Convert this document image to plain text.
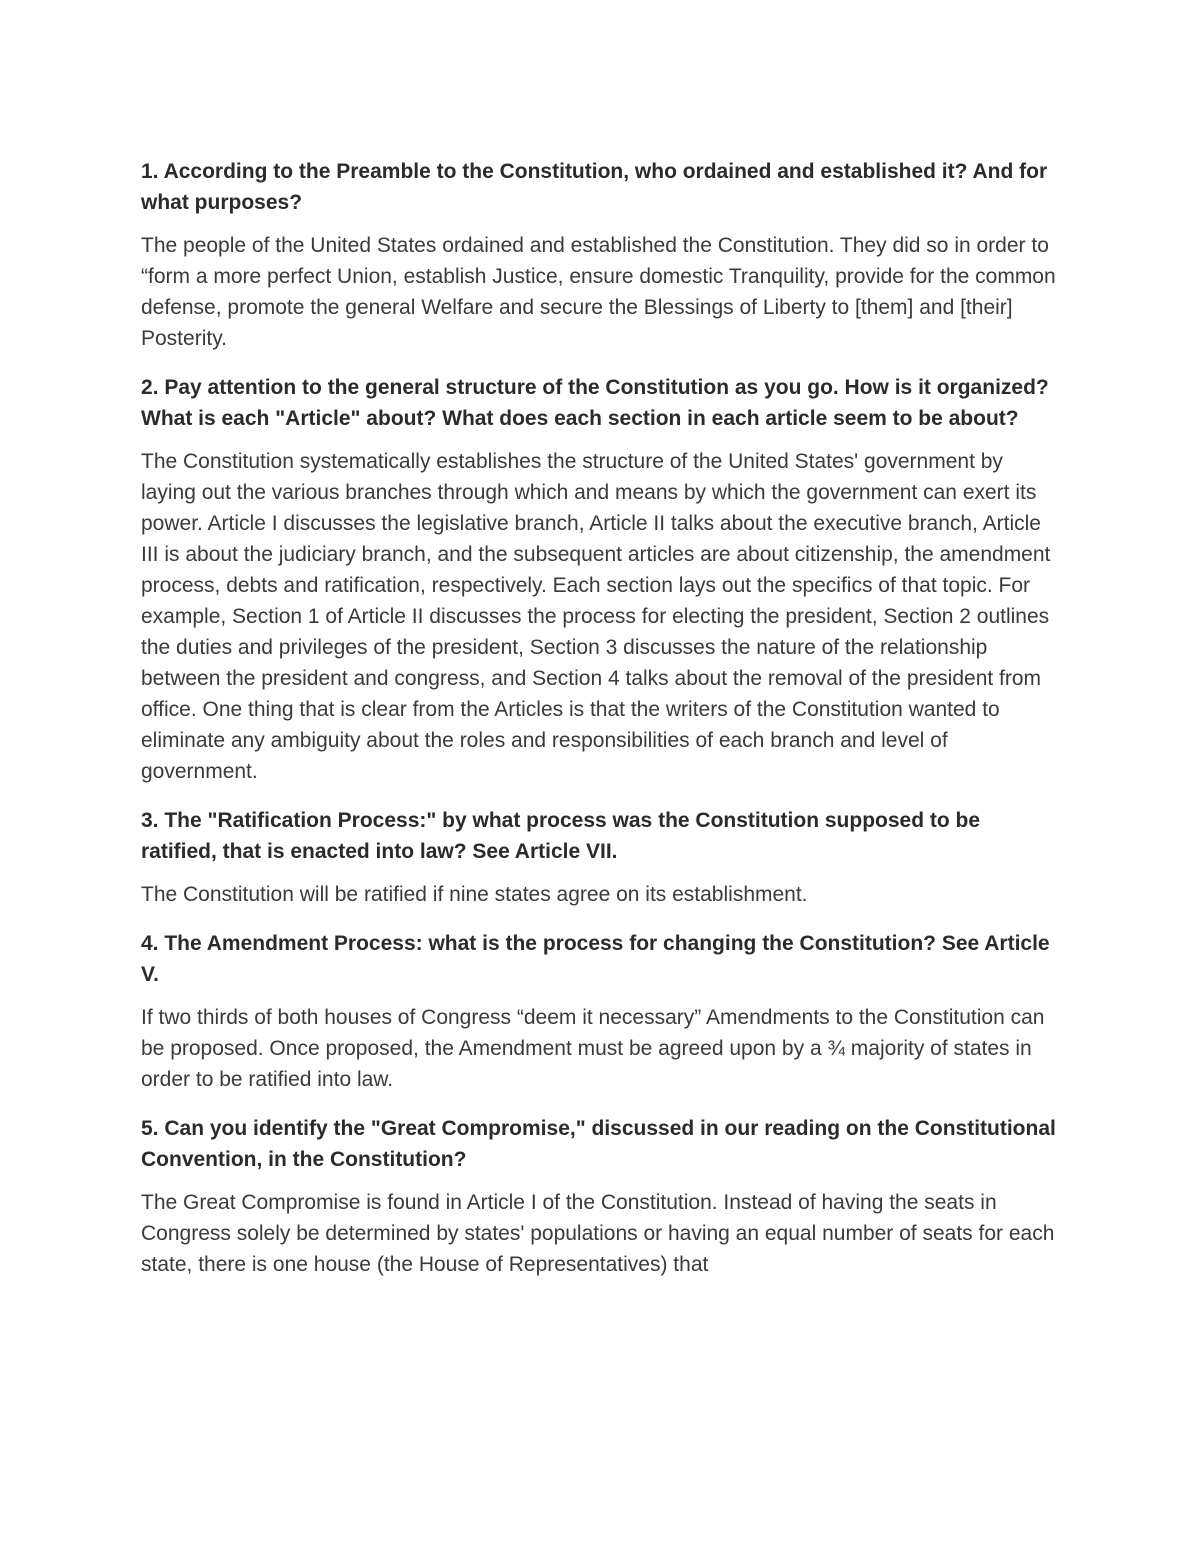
1. According to the Preamble to the Constitution, who ordained and established it? And for what purposes?

The people of the United States ordained and established the Constitution. They did so in order to “form a more perfect Union, establish Justice, ensure domestic Tranquility, provide for the common defense, promote the general Welfare and secure the Blessings of Liberty to [them] and [their] Posterity.

2. Pay attention to the general structure of the Constitution as you go. How is it organized? What is each "Article" about? What does each section in each article seem to be about?

The Constitution systematically establishes the structure of the United States' government by laying out the various branches through which and means by which the government can exert its power. Article I discusses the legislative branch, Article II talks about the executive branch, Article III is about the judiciary branch, and the subsequent articles are about citizenship, the amendment process, debts and ratification, respectively. Each section lays out the specifics of that topic. For example, Section 1 of Article II discusses the process for electing the president, Section 2 outlines the duties and privileges of the president, Section 3 discusses the nature of the relationship between the president and congress, and Section 4 talks about the removal of the president from office. One thing that is clear from the Articles is that the writers of the Constitution wanted to eliminate any ambiguity about the roles and responsibilities of each branch and level of government.

3. The "Ratification Process:" by what process was the Constitution supposed to be ratified, that is enacted into law? See Article VII.

The Constitution will be ratified if nine states agree on its establishment.

4. The Amendment Process: what is the process for changing the Constitution? See Article V.

If two thirds of both houses of Congress “deem it necessary” Amendments to the Constitution can be proposed. Once proposed, the Amendment must be agreed upon by a ¾ majority of states in order to be ratified into law.

5. Can you identify the "Great Compromise," discussed in our reading on the Constitutional Convention, in the Constitution?

The Great Compromise is found in Article I of the Constitution. Instead of having the seats in Congress solely be determined by states' populations or having an equal number of seats for each state, there is one house (the House of Representatives) that
